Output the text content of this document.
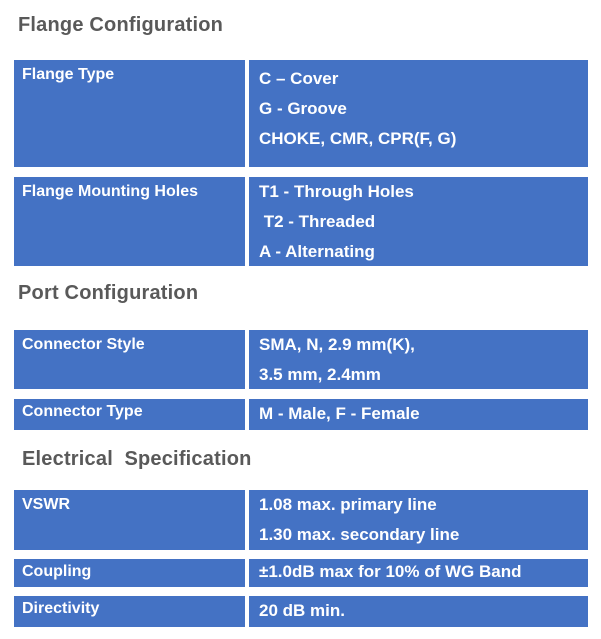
Flange Configuration
Flange Type	C – Cover
G - Groove
CHOKE, CMR, CPR(F, G)
Flange Mounting Holes	T1 - Through Holes
T2 - Threaded
A - Alternating
Port Configuration
Connector Style	SMA, N, 2.9 mm(K),
3.5 mm, 2.4mm
Connector Type	M - Male, F - Female
Electrical  Specification
VSWR	1.08 max. primary line
1.30 max. secondary line
Coupling	±1.0dB max for 10% of WG Band
Directivity	20 dB min.
